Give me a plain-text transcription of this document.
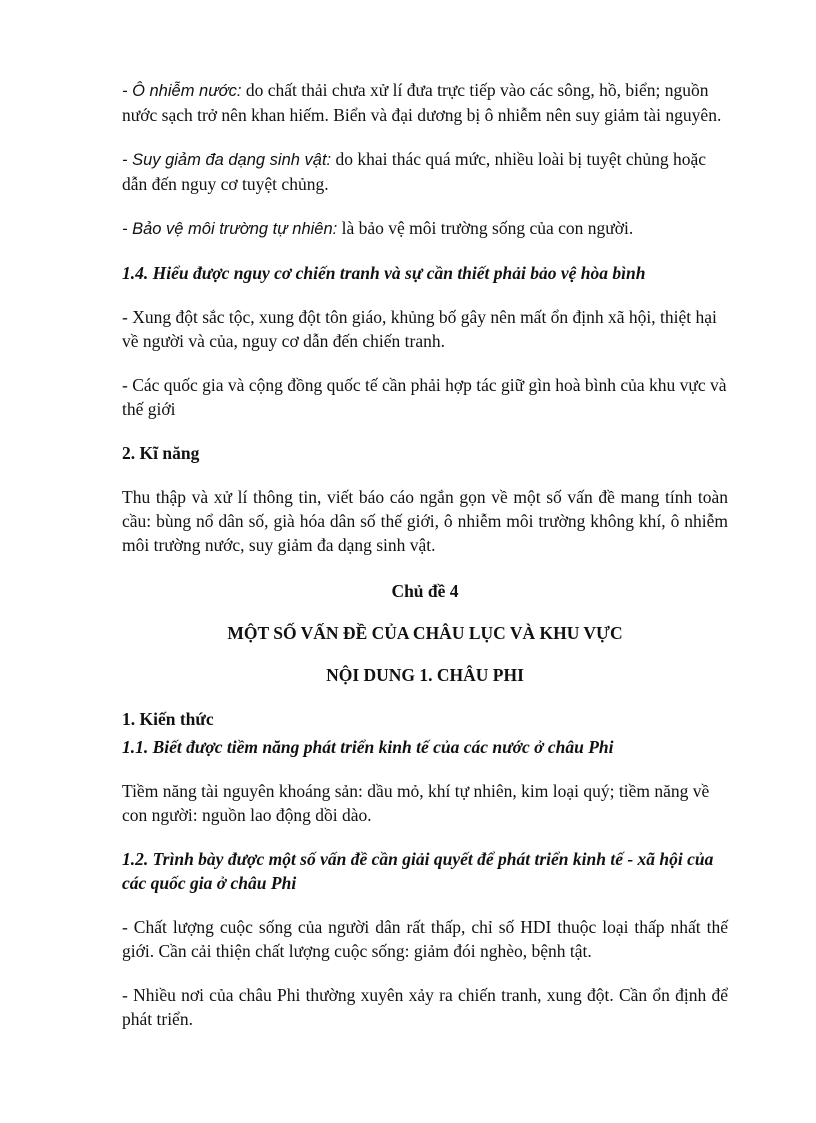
- Ô nhiễm nước: do chất thải chưa xử lí đưa trực tiếp vào các sông, hồ, biển; nguồn nước sạch trở nên khan hiếm. Biển và đại dương bị ô nhiễm nên suy giảm tài nguyên.

- Suy giảm đa dạng sinh vật: do khai thác quá mức, nhiều loài bị tuyệt chủng hoặc dẫn đến nguy cơ tuyệt chủng.

- Bảo vệ môi trường tự nhiên: là bảo vệ môi trường sống của con người.

1.4. Hiểu được nguy cơ chiến tranh và sự cần thiết phải bảo vệ hòa bình

- Xung đột sắc tộc, xung đột tôn giáo, khủng bố gây nên mất ổn định xã hội, thiệt hại về người và của, nguy cơ dẫn đến chiến tranh.

- Các quốc gia và cộng đồng quốc tế cần phải hợp tác giữ gìn hoà bình của khu vực và thế giới

2. Kĩ năng

Thu thập và xử lí thông tin, viết báo cáo ngắn gọn về một số vấn đề mang tính toàn cầu: bùng nổ dân số, già hóa dân số thế giới, ô nhiễm môi trường không khí, ô nhiễm môi trường nước, suy giảm đa dạng sinh vật.

Chủ đề 4

MỘT SỐ VẤN ĐỀ CỦA CHÂU LỤC VÀ KHU VỰC

NỘI DUNG 1. CHÂU PHI

1. Kiến thức

1.1. Biết được tiềm năng phát triển kinh tế của các nước ở châu Phi

Tiềm năng tài nguyên khoáng sản: dầu mỏ, khí tự nhiên, kim loại quý; tiềm năng về con người: nguồn lao động dồi dào.

1.2. Trình bày được một số vấn đề cần giải quyết để phát triển kinh tế - xã hội của các quốc gia ở châu Phi

- Chất lượng cuộc sống của người dân rất thấp, chỉ số HDI thuộc loại thấp nhất thế giới. Cần cải thiện chất lượng cuộc sống: giảm đói nghèo, bệnh tật.

- Nhiều nơi của châu Phi thường xuyên xảy ra chiến tranh, xung đột. Cần ổn định để phát triển.
